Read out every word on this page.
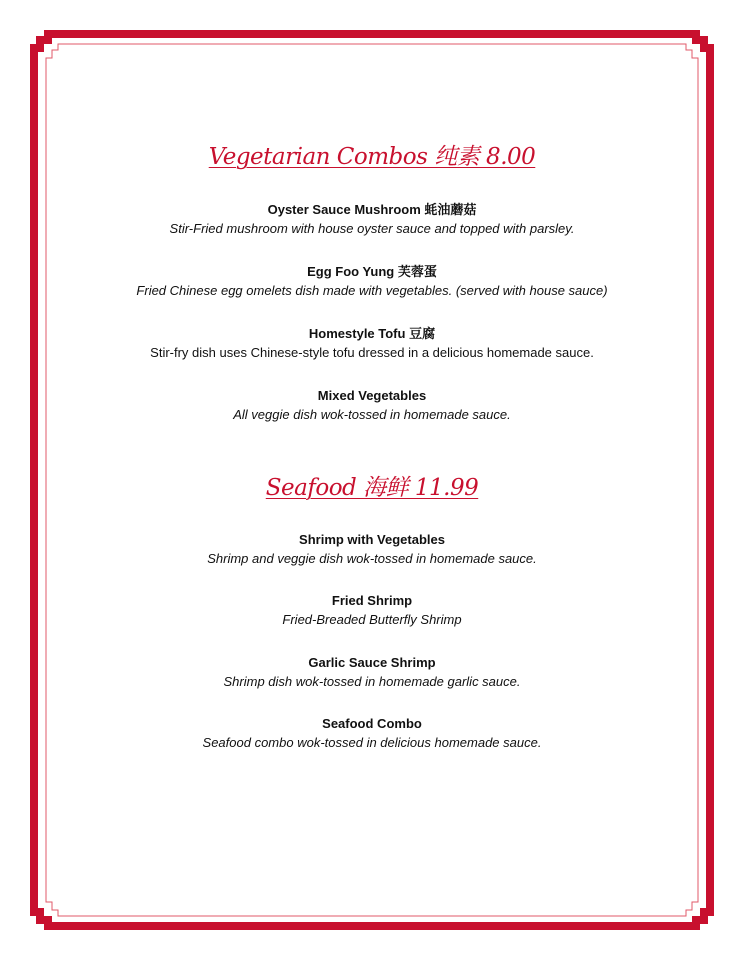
Vegetarian Combos 纯素 8.00
Oyster Sauce Mushroom 蚝油蘑菇
Stir-Fried mushroom with house oyster sauce and topped with parsley.
Egg Foo Yung 芙蓉蛋
Fried Chinese egg omelets dish made with vegetables. (served with house sauce)
Homestyle Tofu 豆腐
Stir-fry dish uses Chinese-style tofu dressed in a delicious homemade sauce.
Mixed Vegetables
All veggie dish wok-tossed in homemade sauce.
Seafood 海鲜 11.99
Shrimp with Vegetables
Shrimp and veggie dish wok-tossed in homemade sauce.
Fried Shrimp
Fried-Breaded Butterfly Shrimp
Garlic Sauce Shrimp
Shrimp dish wok-tossed in homemade garlic sauce.
Seafood Combo
Seafood combo wok-tossed in delicious homemade sauce.
